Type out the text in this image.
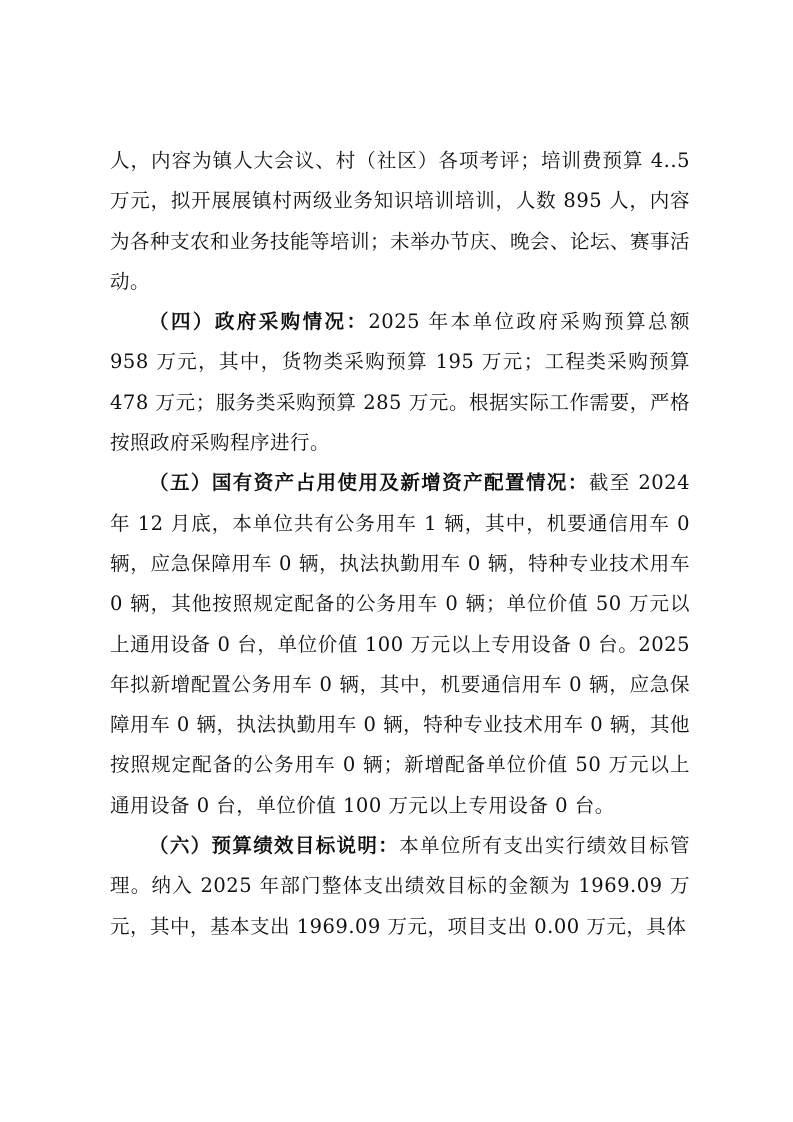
人，内容为镇人大会议、村（社区）各项考评；培训费预算 4..5 万元，拟开展展镇村两级业务知识培训培训，人数 895 人，内容为各种支农和业务技能等培训；未举办节庆、晚会、论坛、赛事活动。

（四）政府采购情况：2025 年本单位政府采购预算总额 958 万元，其中，货物类采购预算 195 万元；工程类采购预算 478 万元；服务类采购预算 285 万元。根据实际工作需要，严格按照政府采购程序进行。

（五）国有资产占用使用及新增资产配置情况：截至 2024 年 12 月底，本单位共有公务用车 1 辆，其中，机要通信用车 0 辆，应急保障用车 0 辆，执法执勤用车 0 辆，特种专业技术用车 0 辆，其他按照规定配备的公务用车 0 辆；单位价值 50 万元以上通用设备 0 台，单位价值 100 万元以上专用设备 0 台。2025 年拟新增配置公务用车 0 辆，其中，机要通信用车 0 辆，应急保障用车 0 辆，执法执勤用车 0 辆，特种专业技术用车 0 辆，其他按照规定配备的公务用车 0 辆；新增配备单位价值 50 万元以上通用设备 0 台，单位价值 100 万元以上专用设备 0 台。

（六）预算绩效目标说明：本单位所有支出实行绩效目标管理。纳入 2025 年部门整体支出绩效目标的金额为 1969.09 万元，其中，基本支出 1969.09 万元，项目支出 0.00 万元，具体
